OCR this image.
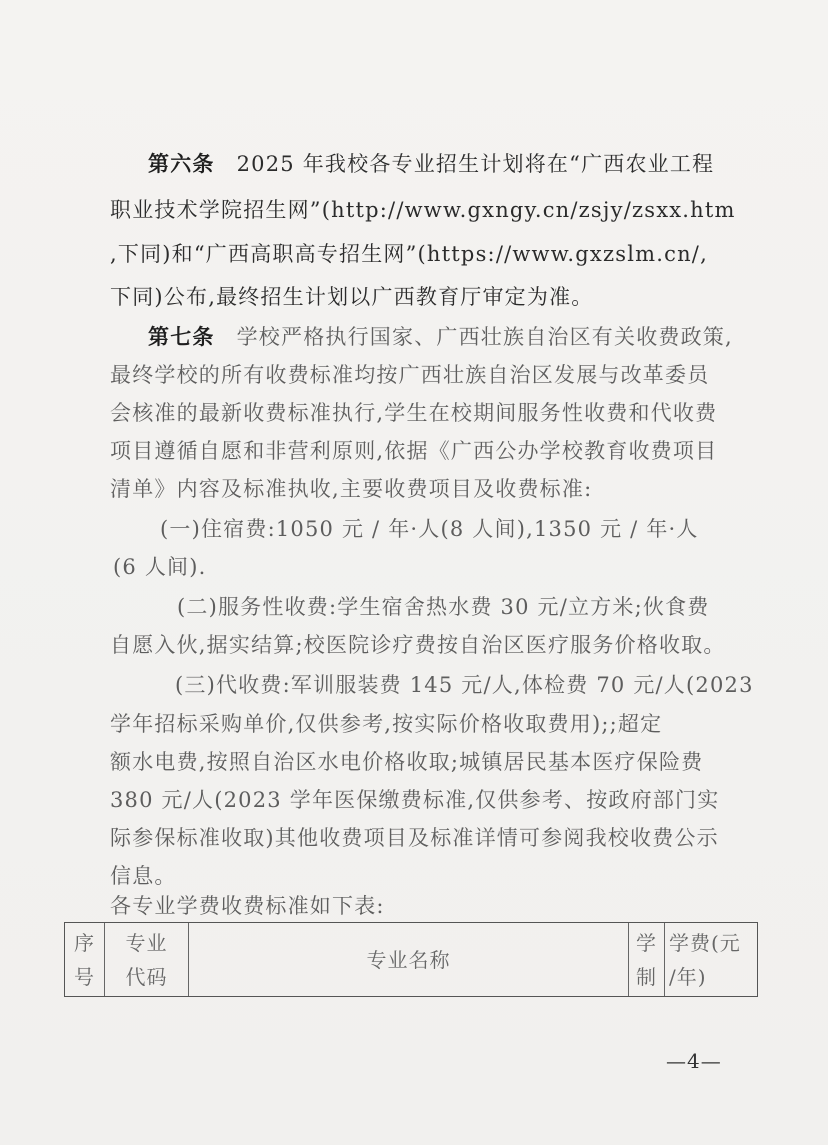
第六条 2025 年我校各专业招生计划将在“广西农业工程
职业技术学院招生网”(http://www.gxngy.cn/zsjy/zsxx.htm
,下同)和“广西高职高专招生网”(https://www.gxzslm.cn/,
下同)公布,最终招生计划以广西教育厅审定为准。
第七条 学校严格执行国家、广西壮族自治区有关收费政策,
最终学校的所有收费标准均按广西壮族自治区发展与改革委员
会核准的最新收费标准执行,学生在校期间服务性收费和代收费
项目遵循自愿和非营利原则,依据《广西公办学校教育收费项目
清单》内容及标准执收,主要收费项目及收费标准:
(一)住宿费:1050 元 / 年·人(8 人间),1350 元 / 年·人
(6 人间).
(二)服务性收费:学生宿舍热水费 30 元/立方米;伙食费
自愿入伙,据实结算;校医院诊疗费按自治区医疗服务价格收取。
(三)代收费:军训服装费 145 元/人,体检费 70 元/人(2023
学年招标采购单价,仅供参考,按实际价格收取费用);;超定
额水电费,按照自治区水电价格收取;城镇居民基本医疗保险费
380 元/人(2023 学年医保缴费标准,仅供参考、按政府部门实
际参保标准收取)其他收费项目及标准详情可参阅我校收费公示
信息。
各专业学费收费标准如下表:
序
号
专业
代码
专业名称
学
制
学费(元
/年)
—4—
